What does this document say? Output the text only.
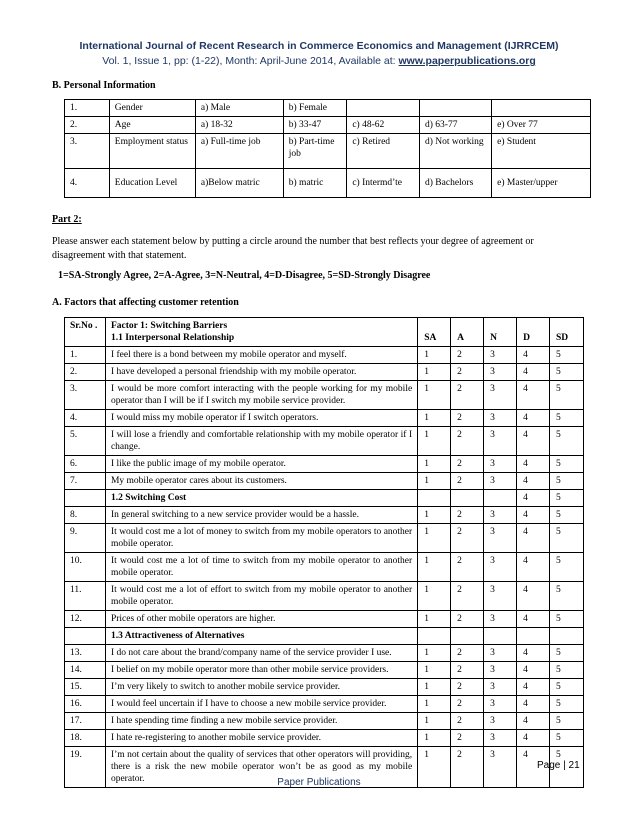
International Journal of Recent Research in Commerce Economics and Management (IJRRCEM)
Vol. 1, Issue 1, pp: (1-22), Month: April-June 2014, Available at: www.paperpublications.org
B. Personal Information
1.	Gender	a) Male	b) Female			
2.	Age	a) 18-32	b) 33-47	c) 48-62	d) 63-77	e) Over 77
3.	Employment status	a) Full-time job	b) Part-time job	c) Retired	d) Not working	e) Student
4.	Education Level	a)Below matric	b) matric	c) Intermd’te	d) Bachelors	e) Master/upper
Part 2:
Please answer each statement below by putting a circle around the number that best reflects your degree of agreement or disagreement with that statement.
1=SA-Strongly Agree, 2=A-Agree, 3=N-Neutral, 4=D-Disagree, 5=SD-Strongly Disagree
A. Factors that affecting customer retention
Sr.No .	Factor 1: Switching Barriers
1.1 Interpersonal Relationship	SA	A	N	D	SD
1.	I feel there is a bond between my mobile operator and myself.	1	2	3	4	5
2.	I have developed a personal friendship with my mobile operator.	1	2	3	4	5
3.	I would be more comfort interacting with the people working for my mobile operator than I will be if I switch my mobile service provider.	1	2	3	4	5
4.	I would miss my mobile operator if I switch operators.	1	2	3	4	5
5.	I will lose a friendly and comfortable relationship with my mobile operator if I change.	1	2	3	4	5
6.	I like the public image of my mobile operator.	1	2	3	4	5
7.	My mobile operator cares about its customers.	1	2	3	4	5
	1.2 Switching Cost				4	5
8.	In general switching to a new service provider would be a hassle.	1	2	3	4	5
9.	It would cost me a lot of money to switch from my mobile operators to another mobile operator.	1	2	3	4	5
10.	It would cost me a lot of time to switch from my mobile operator to another mobile operator.	1	2	3	4	5
11.	It would cost me a lot of effort to switch from my mobile operator to another mobile operator.	1	2	3	4	5
12.	Prices of other mobile operators are higher.	1	2	3	4	5
	1.3 Attractiveness of Alternatives					
13.	I do not care about the brand/company name of the service provider I use.	1	2	3	4	5
14.	I belief on my mobile operator more than other mobile service providers.	1	2	3	4	5
15.	I’m very likely to switch to another mobile service provider.	1	2	3	4	5
16.	I would feel uncertain if I have to choose a new mobile service provider.	1	2	3	4	5
17.	I hate spending time finding a new mobile service provider.	1	2	3	4	5
18.	I hate re-registering to another mobile service provider.	1	2	3	4	5
19.	I’m not certain about the quality of services that other operators will providing, there is a risk the new mobile operator won’t be as good as my mobile operator.	1	2	3	4	5
Page | 21
Paper Publications
